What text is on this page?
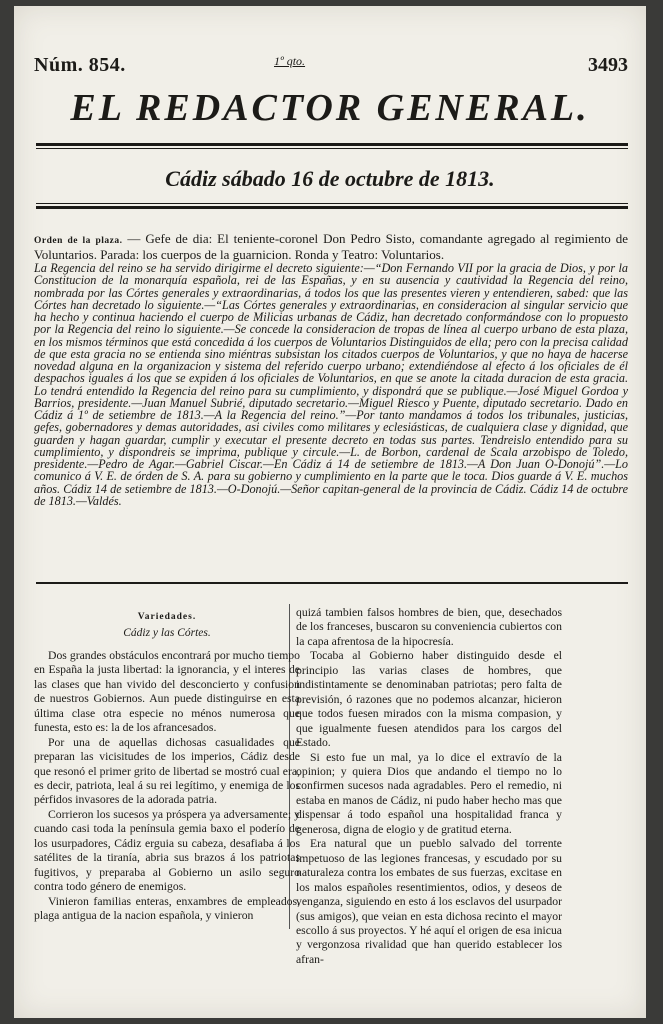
Núm. 854.	1º qto.	3493
EL REDACTOR GENERAL.
Cádiz sábado 16 de octubre de 1813.
Orden de la plaza. — Gefe de dia: El teniente-coronel Don Pedro Sisto, comandante agregado al regimiento de Voluntarios. Parada: los cuerpos de la guarnicion. Ronda y Teatro: Voluntarios.
La Regencia del reino se ha servido dirigirme el decreto siguiente:—“Don Fernando VII por la gracia de Dios, y por la Constitucion de la monarquía española, rei de las Españas, y en su ausencia y cautividad la Regencia del reino, nombrada por las Córtes generales y extraordinarias, á todos los que las presentes vieren y entendieren, sabed: que las Córtes han decretado lo siguiente.—“Las Córtes generales y extraordinarias, en consideracion al singular servicio que ha hecho y continua haciendo el cuerpo de Milicias urbanas de Cádiz, han decretado conformándose con lo propuesto por la Regencia del reino lo siguiente.—Se concede la consideracion de tropas de línea al cuerpo urbano de esta plaza, en los mismos términos que está concedida á los cuerpos de Voluntarios Distinguidos de ella; pero con la precisa calidad de que esta gracia no se entienda sino miéntras subsistan los citados cuerpos de Voluntarios, y que no haya de hacerse novedad alguna en la organizacion y sistema del referido cuerpo urbano; extendiéndose al efecto á los oficiales de él despachos iguales á los que se expiden á los oficiales de Voluntarios, en que se anote la citada duracion de esta gracia. Lo tendrá entendido la Regencia del reino para su cumplimiento, y dispondrá que se publique.—José Miguel Gordoa y Barrios, presidente.—Juan Manuel Subrié, diputado secretario.—Miguel Riesco y Puente, diputado secretario. Dado en Cádiz á 1º de setiembre de 1813.—A la Regencia del reino.”—Por tanto mandamos á todos los tribunales, justicias, gefes, gobernadores y demas autoridades, asi civiles como militares y eclesiásticas, de cualquiera clase y dignidad, que guarden y hagan guardar, cumplir y executar el presente decreto en todas sus partes. Tendreislo entendido para su cumplimiento, y dispondreis se imprima, publique y circule.—L. de Borbon, cardenal de Scala arzobispo de Toledo, presidente.—Pedro de Agar.—Gabriel Ciscar.—En Cádiz á 14 de setiembre de 1813.—A Don Juan O-Donojú”.—Lo comunico á V. E. de órden de S. A. para su gobierno y cumplimiento en la parte que le toca. Dios guarde á V. E. muchos años. Cádiz 14 de setiembre de 1813.—O-Donojú.—Señor capitan-general de la provincia de Cádiz. Cádiz 14 de octubre de 1813.—Valdés.
Variedades.
Cádiz y las Córtes.

Dos grandes obstáculos encontrará por mucho tiempo en España la justa libertad: la ignorancia, y el interes de las clases que han vivido del desconcierto y confusion de nuestros Gobiernos. Aun puede distinguirse en esta última clase otra especie no ménos numerosa que funesta, esto es: la de los afrancesados.

Por una de aquellas dichosas casualidades que preparan las vicisitudes de los imperios, Cádiz desde que resonó el primer grito de libertad se mostró cual era, es decir, patriota, leal á su rei legítimo, y enemiga de los pérfidos invasores de la adorada patria.

Corrieron los sucesos ya próspera ya adversamente; y cuando casi toda la península gemia baxo el poderío de los usurpadores, Cádiz erguia su cabeza, desafiaba á los satélites de la tiranía, abria sus brazos á los patriotas fugitivos, y preparaba al Gobierno un asilo seguro contra todo género de enemigos.

Vinieron familias enteras, enxambres de empleados, plaga antigua de la nacion española, y vinieron

quizá tambien falsos hombres de bien, que, desechados de los franceses, buscaron su conveniencia cubiertos con la capa afrentosa de la hipocresía.

Tocaba al Gobierno haber distinguido desde el principio las varias clases de hombres, que indistintamente se denominaban patriotas; pero falta de previsión, ó razones que no podemos alcanzar, hicieron que todos fuesen mirados con la misma compasion, y que igualmente fuesen atendidos para los cargos del Estado.

Si esto fue un mal, ya lo dice el extravío de la opinion; y quiera Dios que andando el tiempo no lo confirmen sucesos nada agradables. Pero el remedio, ni estaba en manos de Cádiz, ni pudo haber hecho mas que dispensar á todo español una hospitalidad franca y generosa, digna de elogio y de gratitud eterna.

Era natural que un pueblo salvado del torrente impetuoso de las legiones francesas, y escudado por su naturaleza contra los embates de sus fuerzas, excitase en los malos españoles resentimientos, odios, y deseos de venganza, siguiendo en esto á los esclavos del usurpador (sus amigos), que veian en esta dichosa recinto el mayor escollo á sus proyectos. Y hé aquí el origen de esa inicua y vergonzosa rivalidad que han querido establecer los afran-
